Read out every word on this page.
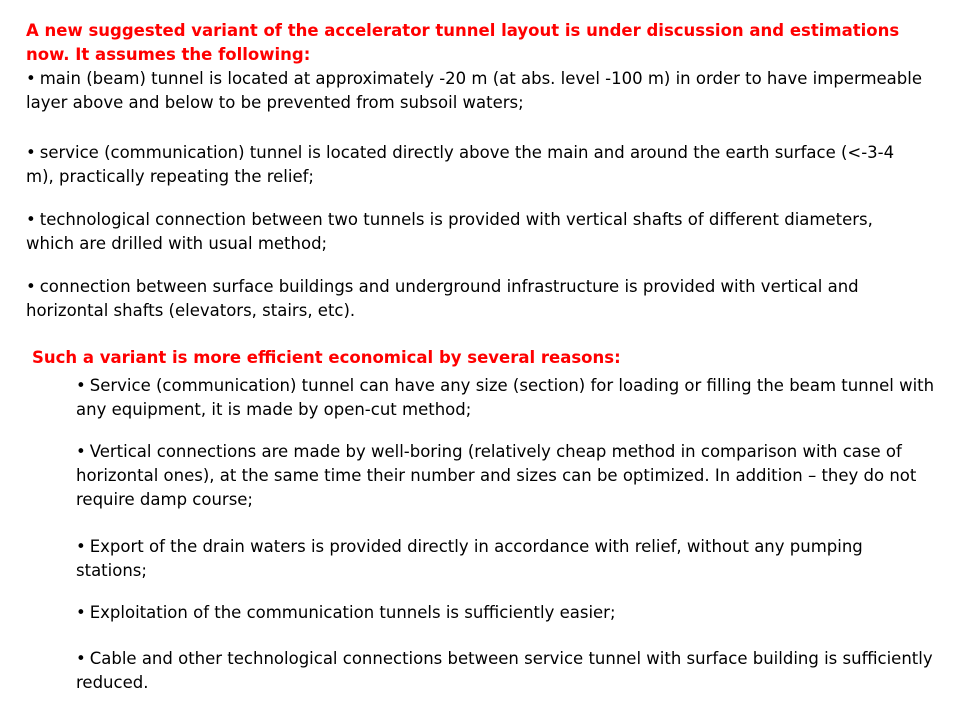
A new suggested variant of the accelerator tunnel layout is under discussion and estimations now. It assumes the following:

• main (beam) tunnel is located at approximately -20 m (at abs. level -100 m) in order to have impermeable layer above and below to be prevented from subsoil waters;

• service (communication) tunnel is located directly above the main and around the earth surface (<-3-4 m), practically repeating the relief;

• technological connection between two tunnels is provided with vertical shafts of different diameters, which are drilled with usual method;

• connection between surface buildings and underground infrastructure is provided with vertical and horizontal shafts (elevators, stairs, etc).

Such a variant is more efficient economical by several reasons:

• Service (communication) tunnel can have any size (section) for loading or filling the beam tunnel with any equipment, it is made by open-cut method;

• Vertical connections are made by well-boring (relatively cheap method in comparison with case of horizontal ones), at the same time their number and sizes can be optimized. In addition – they do not require damp course;

• Export of the drain waters is provided directly in accordance with relief, without any pumping stations;

• Exploitation of the communication tunnels is sufficiently easier;

• Cable and other technological connections between service tunnel with surface building is sufficiently reduced.
